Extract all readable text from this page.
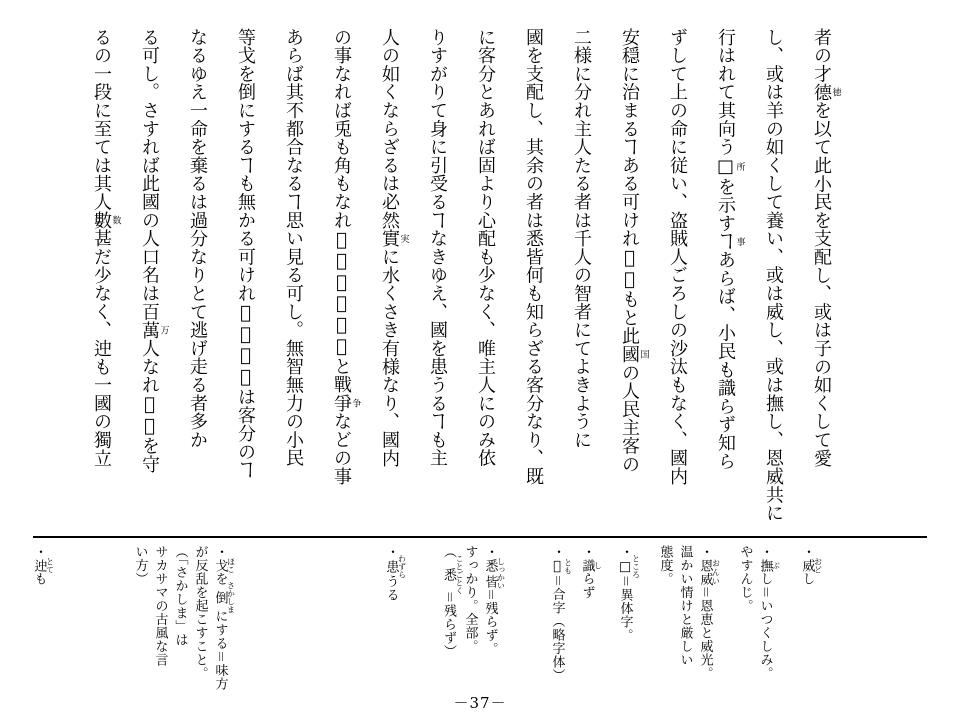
者の才德徳を以て此小民を支配し、或は子の如くして愛
し、或は羊の如くして養い、或は威し、或は撫し、恩威共に
行はれて其向う□所を示すヿ事あらば、小民も識らず知ら
ずして上の命に従い、盗賊人ごろしの沙汰もなく、國内
安穏に治まるヿある可けれ𪜈、もと此國国の人民主客の
二様に分れ主人たる者は千人の智者にてよきように
國を支配し、其余の者は悉皆何も知らざる客分なり、既
に客分とあれば固より心配も少なく、唯主人にのみ依
りすがりて身に引受るヿなきゆえ、國を患うるヿも主
人の如くならざるは必然實実に水くさき有様なり、國内
の事なれば兎も角もなれ𪜈、一旦外國と戰爭争などの事
あらば其不都合なるヿ思い見る可し。無智無力の小民
等戈を倒にするヿも無かる可けれ𪜈、我々は客分のヿ
なるゆえ一命を棄るは過分なりとて逃げ走る者多か
る可し。さすれば此國の人口名は百萬万人なれ𪜈國を守
るの一段に至ては其人數数甚だ少なく、迚も一國の獨立
・威 おどし
・撫 ぶし＝いつくしみ。
やすんじ。
・恩威 おんい＝恩恵と威光。
温かい情けと厳しい
態度。
・□ ところ＝異体字。
・識 しらず
・𪜈 とも＝合字（略字体）
・悉皆 しっかい＝残らず。
すっかり。全部。
（悉 ことごとく＝残らず）
・患 わずらうる
・戈 ほこを倒 さかしまにする＝味方
が反乱を起こすこと。
（「さかしま」は
サカサマの古風な言
い方）
・迚 とても
－37－
